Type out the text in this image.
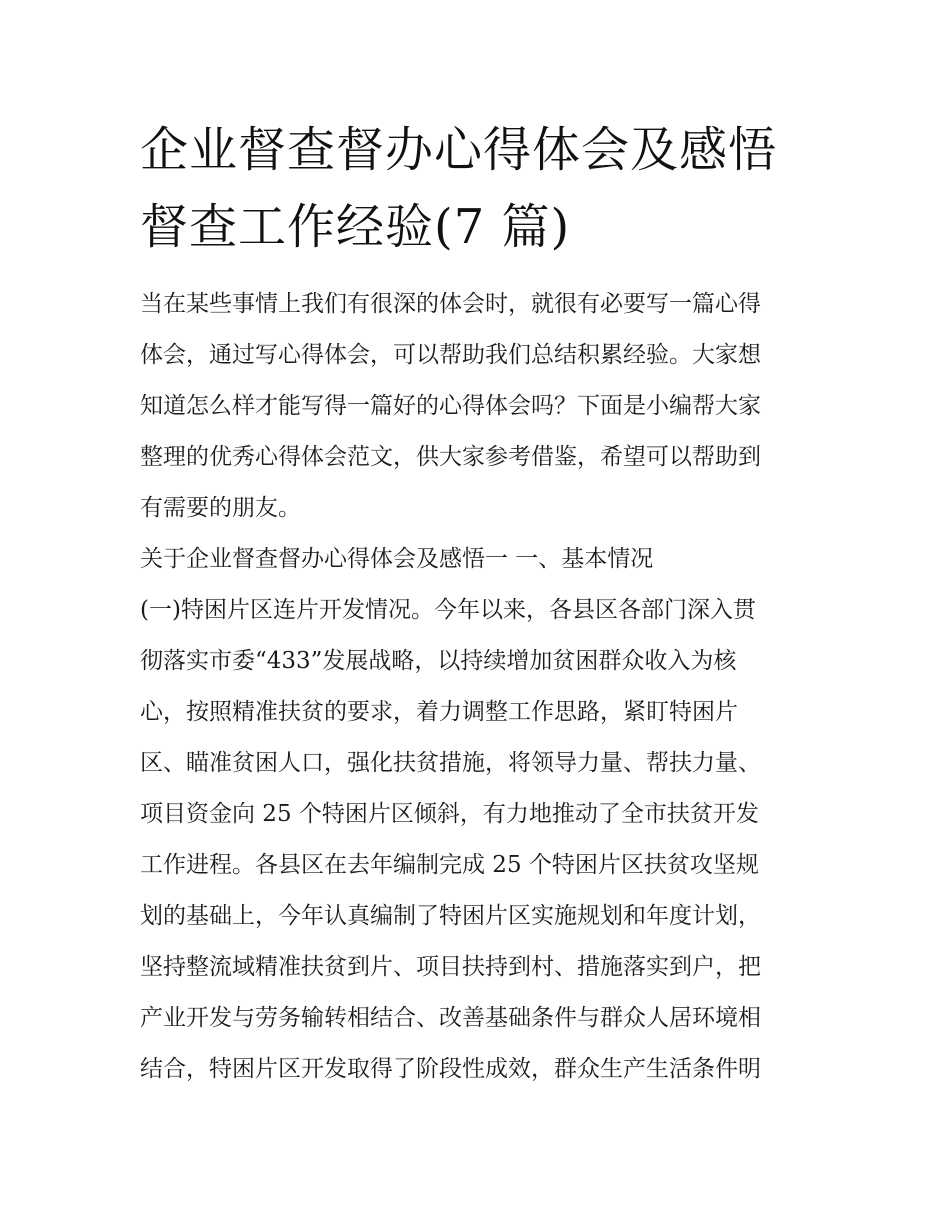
企业督查督办心得体会及感悟
督查工作经验(7 篇)
当在某些事情上我们有很深的体会时，就很有必要写一篇心得
体会，通过写心得体会，可以帮助我们总结积累经验。大家想
知道怎么样才能写得一篇好的心得体会吗？下面是小编帮大家
整理的优秀心得体会范文，供大家参考借鉴，希望可以帮助到
有需要的朋友。
关于企业督查督办心得体会及感悟一 一、基本情况
(一)特困片区连片开发情况。今年以来，各县区各部门深入贯
彻落实市委“433”发展战略，以持续增加贫困群众收入为核
心，按照精准扶贫的要求，着力调整工作思路，紧盯特困片
区、瞄准贫困人口，强化扶贫措施，将领导力量、帮扶力量、
项目资金向 25 个特困片区倾斜，有力地推动了全市扶贫开发
工作进程。各县区在去年编制完成 25 个特困片区扶贫攻坚规
划的基础上，今年认真编制了特困片区实施规划和年度计划，
坚持整流域精准扶贫到片、项目扶持到村、措施落实到户，把
产业开发与劳务输转相结合、改善基础条件与群众人居环境相
结合，特困片区开发取得了阶段性成效，群众生产生活条件明
